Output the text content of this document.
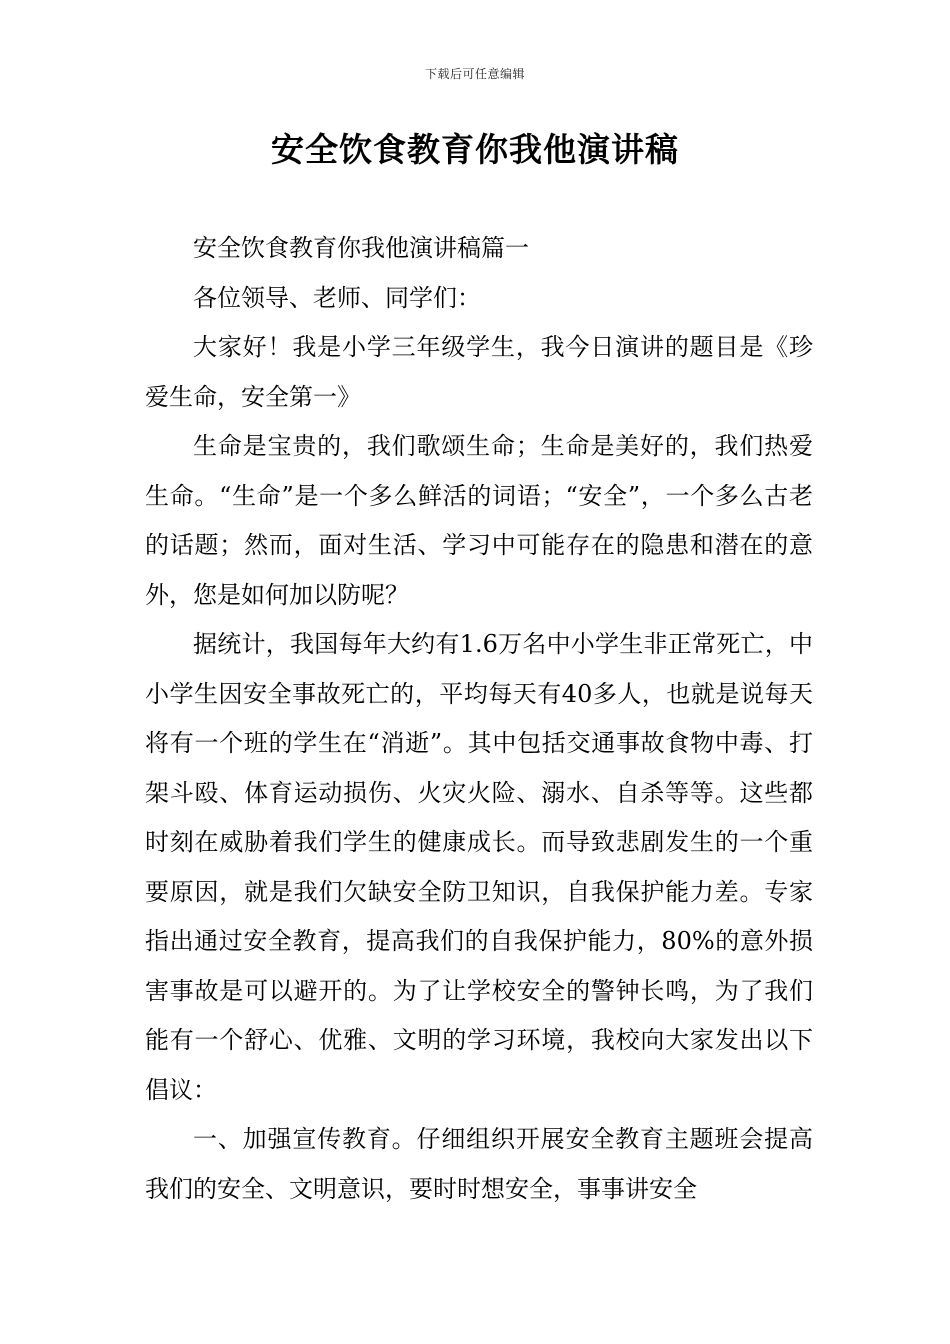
下载后可任意编辑
安全饮食教育你我他演讲稿

安全饮食教育你我他演讲稿篇一

各位领导、老师、同学们：

大家好！我是小学三年级学生，我今日演讲的题目是《珍爱生命，安全第一》

生命是宝贵的，我们歌颂生命；生命是美好的，我们热爱生命。“生命”是一个多么鲜活的词语；“安全”，一个多么古老的话题；然而，面对生活、学习中可能存在的隐患和潜在的意外，您是如何加以防呢？

据统计，我国每年大约有1.6万名中小学生非正常死亡，中小学生因安全事故死亡的，平均每天有40多人，也就是说每天将有一个班的学生在“消逝”。其中包括交通事故食物中毒、打架斗殴、体育运动损伤、火灾火险、溺水、自杀等等。这些都时刻在威胁着我们学生的健康成长。而导致悲剧发生的一个重要原因，就是我们欠缺安全防卫知识，自我保护能力差。专家指出通过安全教育，提高我们的自我保护能力，80%的意外损害事故是可以避开的。为了让学校安全的警钟长鸣，为了我们能有一个舒心、优雅、文明的学习环境，我校向大家发出以下倡议：

一、加强宣传教育。仔细组织开展安全教育主题班会提高我们的安全、文明意识，要时时想安全，事事讲安全
